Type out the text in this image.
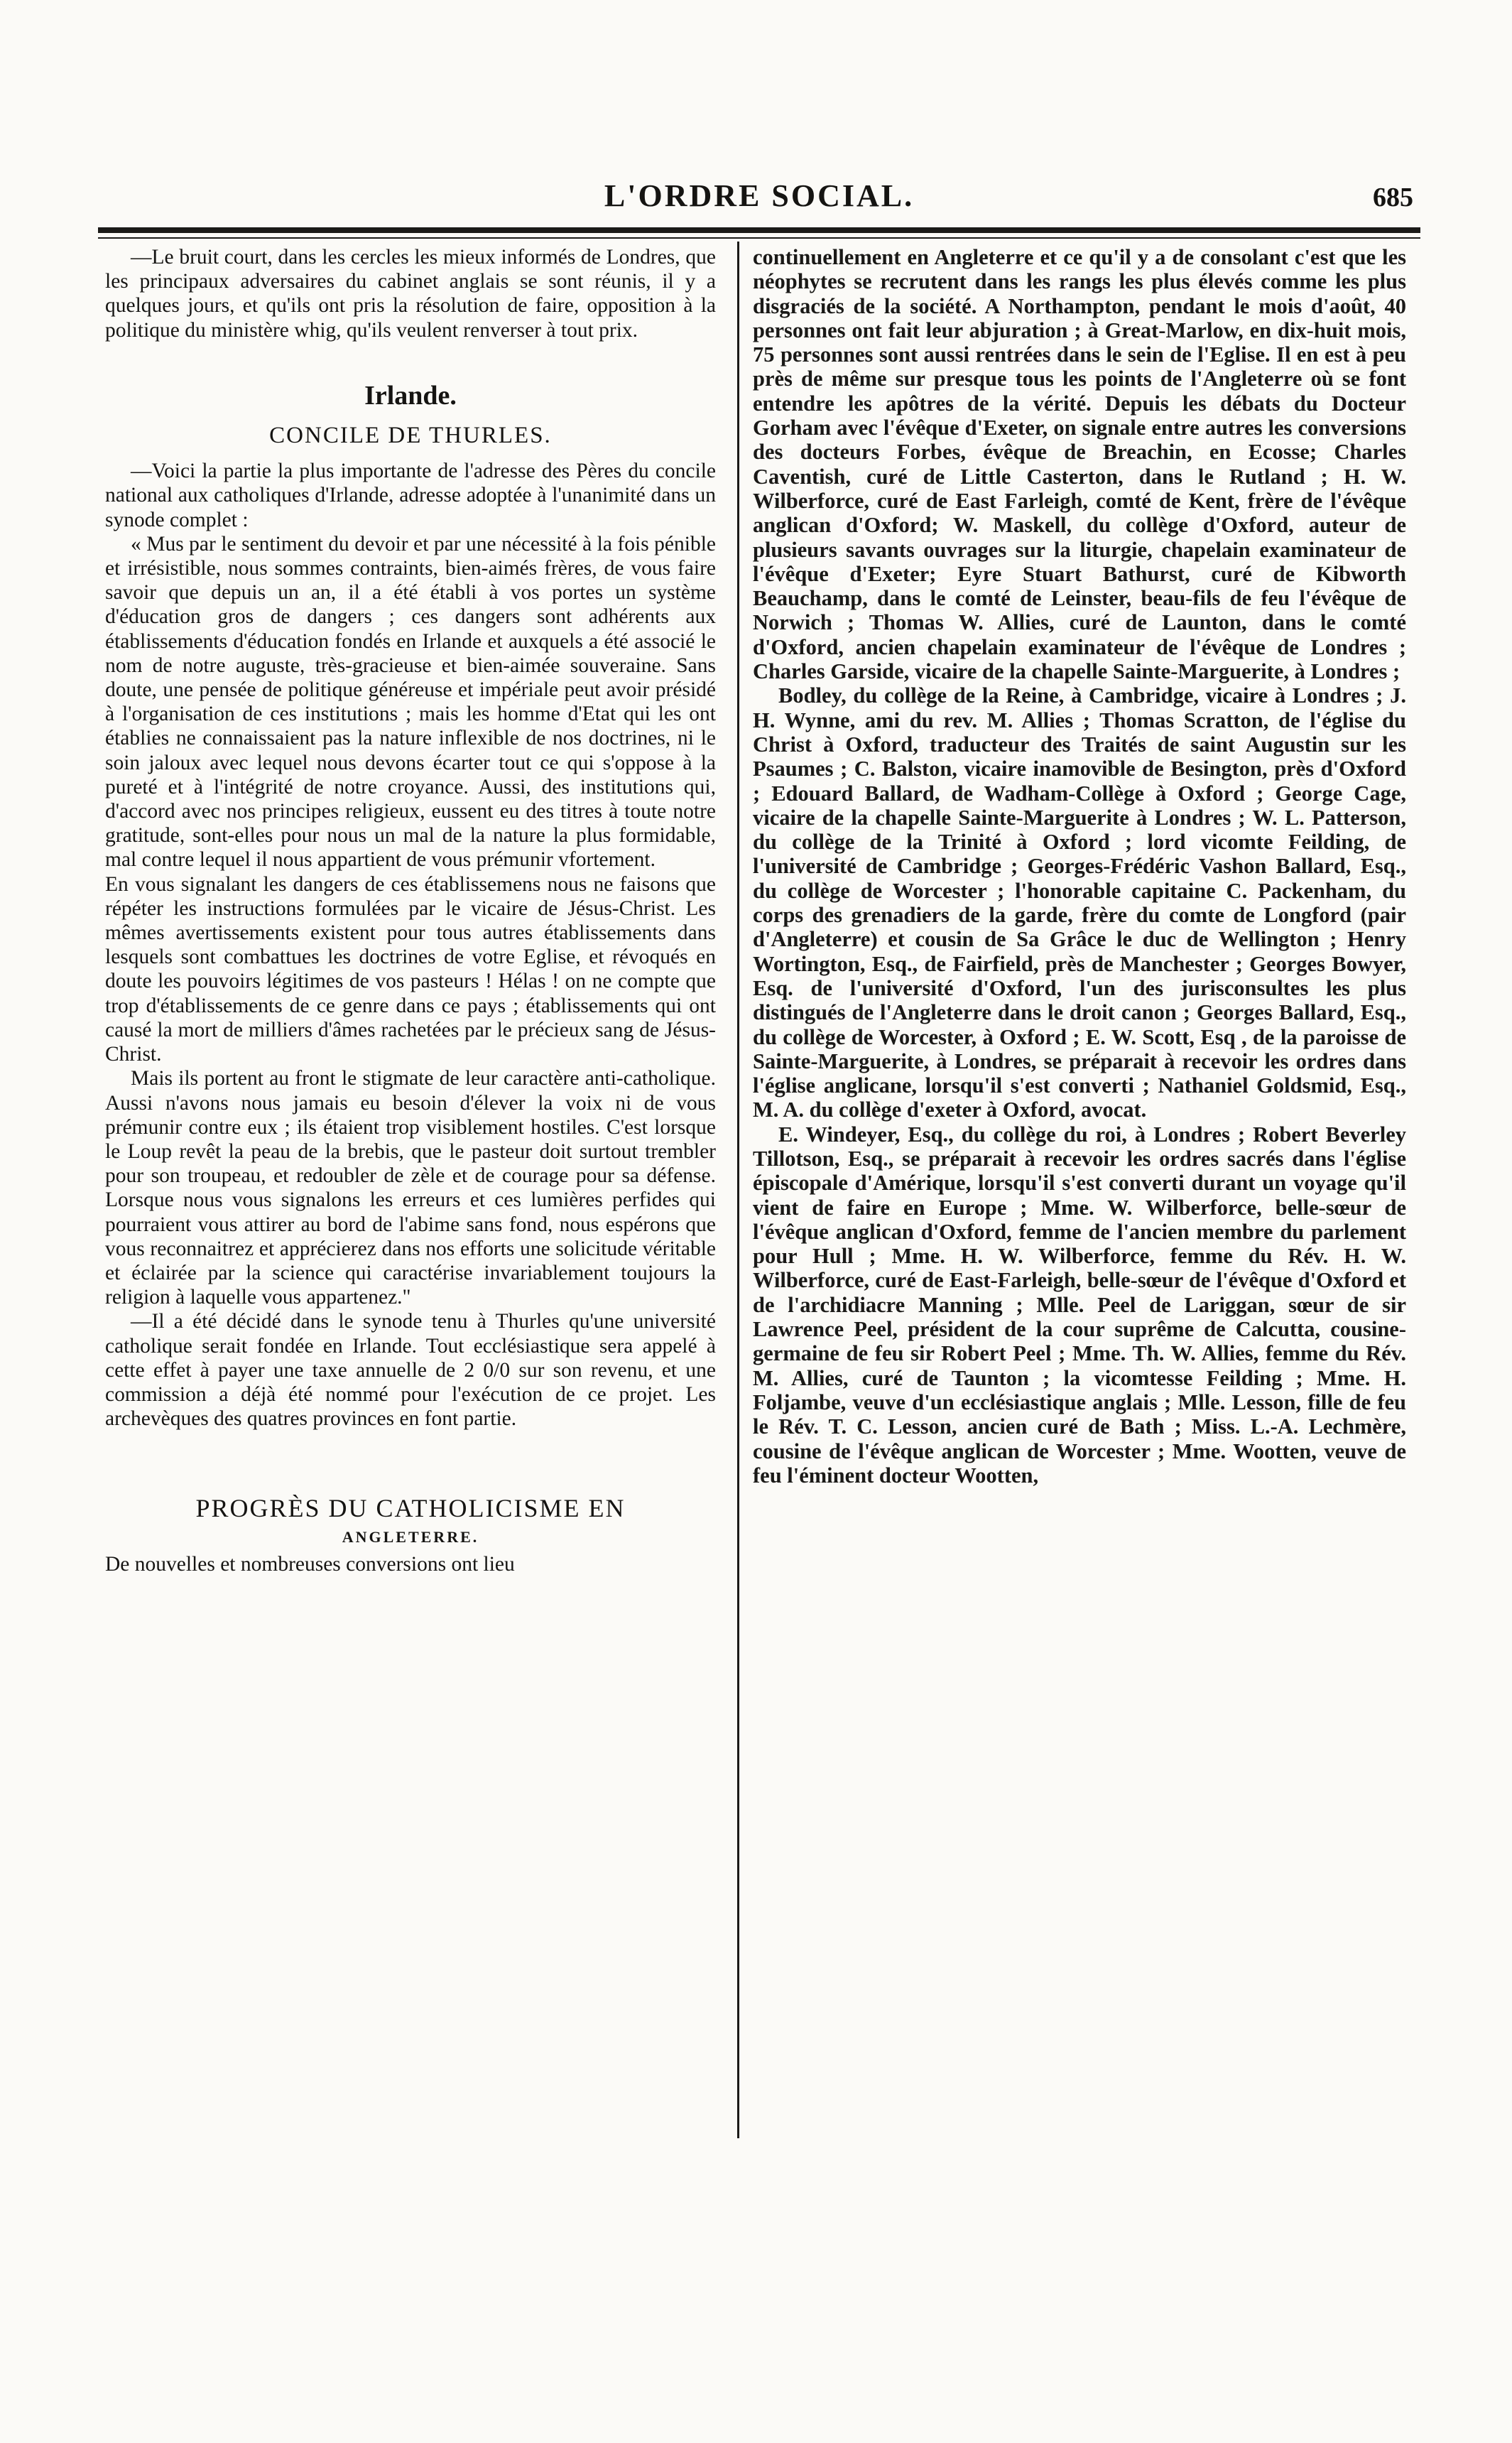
L'ORDRE SOCIAL.	685

—Le bruit court, dans les cercles les mieux informés de Londres, que les principaux adversaires du cabinet anglais se sont réunis, il y a quelques jours, et qu'ils ont pris la résolution de faire, opposition à la politique du ministère whig, qu'ils veulent renverser à tout prix.

Irlande.
CONCILE DE THURLES.

—Voici la partie la plus importante de l'adresse des Pères du concile national aux catholiques d'Irlande, adresse adoptée à l'unanimité dans un synode complet :

« Mus par le sentiment du devoir et par une nécessité à la fois pénible et irrésistible, nous sommes contraints, bien-aimés frères, de vous faire savoir que depuis un an, il a été établi à vos portes un système d'éducation gros de dangers ; ces dangers sont adhérents aux établissements d'éducation fondés en Irlande et auxquels a été associé le nom de notre auguste, très-gracieuse et bien-aimée souveraine. Sans doute, une pensée de politique généreuse et impériale peut avoir présidé à l'organisation de ces institutions ; mais les homme d'Etat qui les ont établies ne connaissaient pas la nature inflexible de nos doctrines, ni le soin jaloux avec lequel nous devons écarter tout ce qui s'oppose à la pureté et à l'intégrité de notre croyance. Aussi, des institutions qui, d'accord avec nos principes religieux, eussent eu des titres à toute notre gratitude, sont-elles pour nous un mal de la nature la plus formidable, mal contre lequel il nous appartient de vous prémunir vfortement.

En vous signalant les dangers de ces établissemens nous ne faisons que répéter les instructions formulées par le vicaire de Jésus-Christ. Les mêmes avertissements existent pour tous autres établissements dans lesquels sont combattues les doctrines de votre Eglise, et révoqués en doute les pouvoirs légitimes de vos pasteurs ! Hélas ! on ne compte que trop d'établissements de ce genre dans ce pays ; établissements qui ont causé la mort de milliers d'âmes rachetées par le précieux sang de Jésus-Christ.

Mais ils portent au front le stigmate de leur caractère anti-catholique. Aussi n'avons nous jamais eu besoin d'élever la voix ni de vous prémunir contre eux ; ils étaient trop visiblement hostiles. C'est lorsque le Loup revêt la peau de la brebis, que le pasteur doit surtout trembler pour son troupeau, et redoubler de zèle et de courage pour sa défense. Lorsque nous vous signalons les erreurs et ces lumières perfides qui pourraient vous attirer au bord de l'abime sans fond, nous espérons que vous reconnaitrez et apprécierez dans nos efforts une solicitude véritable et éclairée par la science qui caractérise invariablement toujours la religion à laquelle vous appartenez."

—Il a été décidé dans le synode tenu à Thurles qu'une université catholique serait fondée en Irlande. Tout ecclésiastique sera appelé à cette effet à payer une taxe annuelle de 2 0/0 sur son revenu, et une commission a déjà été nommé pour l'exécution de ce projet. Les archevèques des quatres provinces en font partie.

PROGRÈS DU CATHOLICISME EN
ANGLETERRE.

De nouvelles et nombreuses conversions ont lieu

continuellement en Angleterre et ce qu'il y a de consolant c'est que les néophytes se recrutent dans les rangs les plus élevés comme les plus disgraciés de la société. A Northampton, pendant le mois d'août, 40 personnes ont fait leur abjuration ; à Great-Marlow, en dix-huit mois, 75 personnes sont aussi rentrées dans le sein de l'Eglise. Il en est à peu près de même sur presque tous les points de l'Angleterre où se font entendre les apôtres de la vérité. Depuis les débats du Docteur Gorham avec l'évêque d'Exeter, on signale entre autres les conversions des docteurs Forbes, évêque de Breachin, en Ecosse; Charles Caventish, curé de Little Casterton, dans le Rutland ; H. W. Wilberforce, curé de East Farleigh, comté de Kent, frère de l'évêque anglican d'Oxford; W. Maskell, du collège d'Oxford, auteur de plusieurs savants ouvrages sur la liturgie, chapelain examinateur de l'évêque d'Exeter; Eyre Stuart Bathurst, curé de Kibworth Beauchamp, dans le comté de Leinster, beau-fils de feu l'évêque de Norwich ; Thomas W. Allies, curé de Launton, dans le comté d'Oxford, ancien chapelain examinateur de l'évêque de Londres ; Charles Garside, vicaire de la chapelle Sainte-Marguerite, à Londres ;

Bodley, du collège de la Reine, à Cambridge, vicaire à Londres ; J. H. Wynne, ami du rev. M. Allies ; Thomas Scratton, de l'église du Christ à Oxford, traducteur des Traités de saint Augustin sur les Psaumes ; C. Balston, vicaire inamovible de Besington, près d'Oxford ; Edouard Ballard, de Wadham-Collège à Oxford ; George Cage, vicaire de la chapelle Sainte-Marguerite à Londres ; W. L. Patterson, du collège de la Trinité à Oxford ; lord vicomte Feilding, de l'université de Cambridge ; Georges-Frédéric Vashon Ballard, Esq., du collège de Worcester ; l'honorable capitaine C. Packenham, du corps des grenadiers de la garde, frère du comte de Longford (pair d'Angleterre) et cousin de Sa Grâce le duc de Wellington ; Henry Wortington, Esq., de Fairfield, près de Manchester ; Georges Bowyer, Esq. de l'université d'Oxford, l'un des jurisconsultes les plus distingués de l'Angleterre dans le droit canon ; Georges Ballard, Esq., du collège de Worcester, à Oxford ; E. W. Scott, Esq , de la paroisse de Sainte-Marguerite, à Londres, se préparait à recevoir les ordres dans l'église anglicane, lorsqu'il s'est converti ; Nathaniel Goldsmid, Esq., M. A. du collège d'exeter à Oxford, avocat.

E. Windeyer, Esq., du collège du roi, à Londres ; Robert Beverley Tillotson, Esq., se préparait à recevoir les ordres sacrés dans l'église épiscopale d'Amérique, lorsqu'il s'est converti durant un voyage qu'il vient de faire en Europe ; Mme. W. Wilberforce, belle-sœur de l'évêque anglican d'Oxford, femme de l'ancien membre du parlement pour Hull ; Mme. H. W. Wilberforce, femme du Rév. H. W. Wilberforce, curé de East-Farleigh, belle-sœur de l'évêque d'Oxford et de l'archidiacre Manning ; Mlle. Peel de Lariggan, sœur de sir Lawrence Peel, président de la cour suprême de Calcutta, cousine-germaine de feu sir Robert Peel ; Mme. Th. W. Allies, femme du Rév. M. Allies, curé de Taunton ; la vicomtesse Feilding ; Mme. H. Foljambe, veuve d'un ecclésiastique anglais ; Mlle. Lesson, fille de feu le Rév. T. C. Lesson, ancien curé de Bath ; Miss. L.-A. Lechmère, cousine de l'évêque anglican de Worcester ; Mme. Wootten, veuve de feu l'éminent docteur Wootten,
